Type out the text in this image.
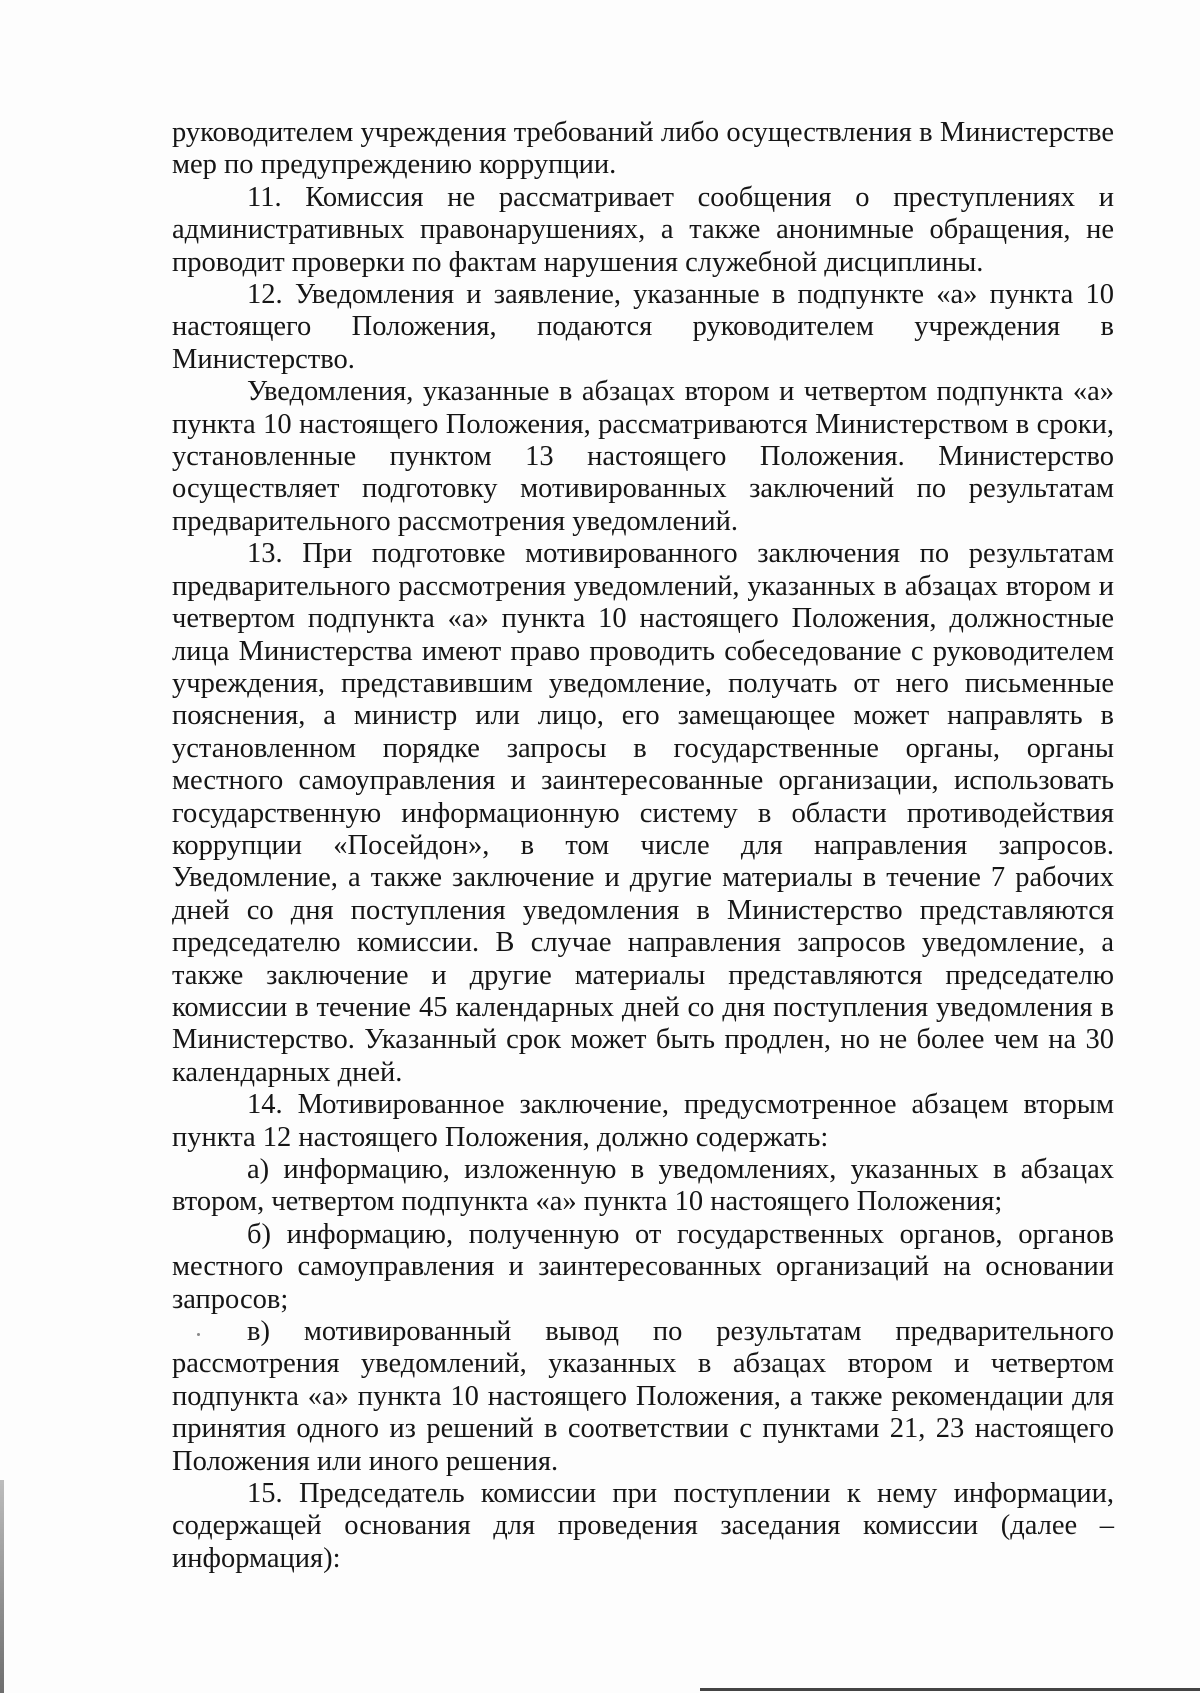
руководителем учреждения требований либо осуществления в Министерстве мер по предупреждению коррупции.

11. Комиссия не рассматривает сообщения о преступлениях и административных правонарушениях, а также анонимные обращения, не проводит проверки по фактам нарушения служебной дисциплины.

12. Уведомления и заявление, указанные в подпункте «а» пункта 10 настоящего Положения, подаются руководителем учреждения в Министерство.

Уведомления, указанные в абзацах втором и четвертом подпункта «а» пункта 10 настоящего Положения, рассматриваются Министерством в сроки, установленные пунктом 13 настоящего Положения. Министерство осуществляет подготовку мотивированных заключений по результатам предварительного рассмотрения уведомлений.

13. При подготовке мотивированного заключения по результатам предварительного рассмотрения уведомлений, указанных в абзацах втором и четвертом подпункта «а» пункта 10 настоящего Положения, должностные лица Министерства имеют право проводить собеседование с руководителем учреждения, представившим уведомление, получать от него письменные пояснения, а министр или лицо, его замещающее может направлять в установленном порядке запросы в государственные органы, органы местного самоуправления и заинтересованные организации, использовать государственную информационную систему в области противодействия коррупции «Посейдон», в том числе для направления запросов. Уведомление, а также заключение и другие материалы в течение 7 рабочих дней со дня поступления уведомления в Министерство представляются председателю комиссии. В случае направления запросов уведомление, а также заключение и другие материалы представляются председателю комиссии в течение 45 календарных дней со дня поступления уведомления в Министерство. Указанный срок может быть продлен, но не более чем на 30 календарных дней.

14. Мотивированное заключение, предусмотренное абзацем вторым пункта 12 настоящего Положения, должно содержать:

а) информацию, изложенную в уведомлениях, указанных в абзацах втором, четвертом подпункта «а» пункта 10 настоящего Положения;

б) информацию, полученную от государственных органов, органов местного самоуправления и заинтересованных организаций на основании запросов;

в) мотивированный вывод по результатам предварительного рассмотрения уведомлений, указанных в абзацах втором и четвертом подпункта «а» пункта 10 настоящего Положения, а также рекомендации для принятия одного из решений в соответствии с пунктами 21, 23 настоящего Положения или иного решения.

15. Председатель комиссии при поступлении к нему информации, содержащей основания для проведения заседания комиссии (далее – информация):
